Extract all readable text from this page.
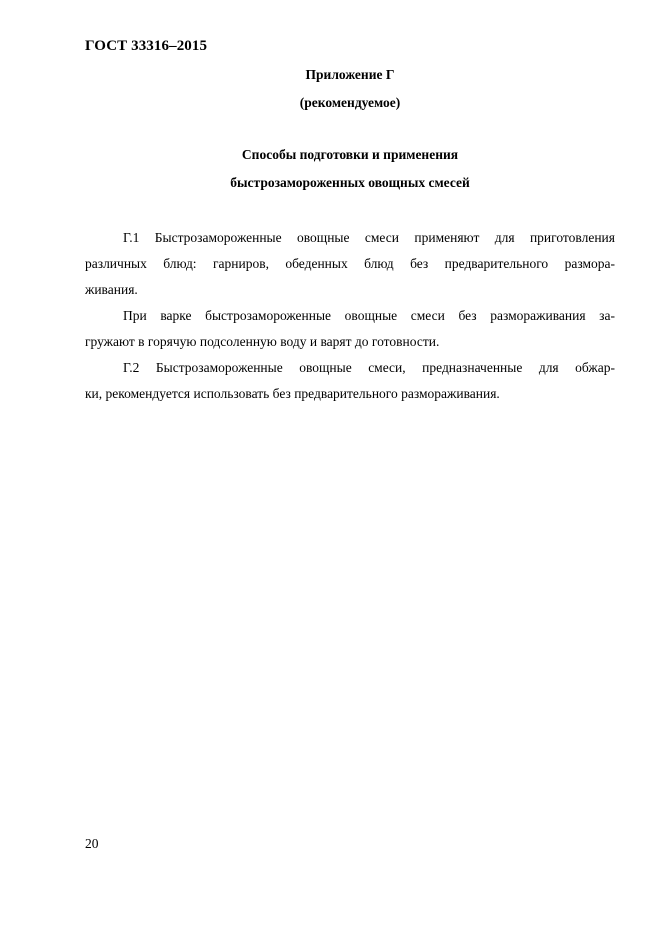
ГОСТ 33316–2015
Приложение Г
(рекомендуемое)
Способы подготовки и применения
быстрозамороженных овощных смесей
Г.1 Быстрозамороженные овощные смеси применяют для приготовления
различных блюд: гарниров, обеденных блюд без предварительного размора-
живания.
При варке быстрозамороженные овощные смеси без размораживания за-
гружают в горячую подсоленную воду и варят до готовности.
Г.2 Быстрозамороженные овощные смеси, предназначенные для обжар-
ки, рекомендуется использовать без предварительного размораживания.
20
